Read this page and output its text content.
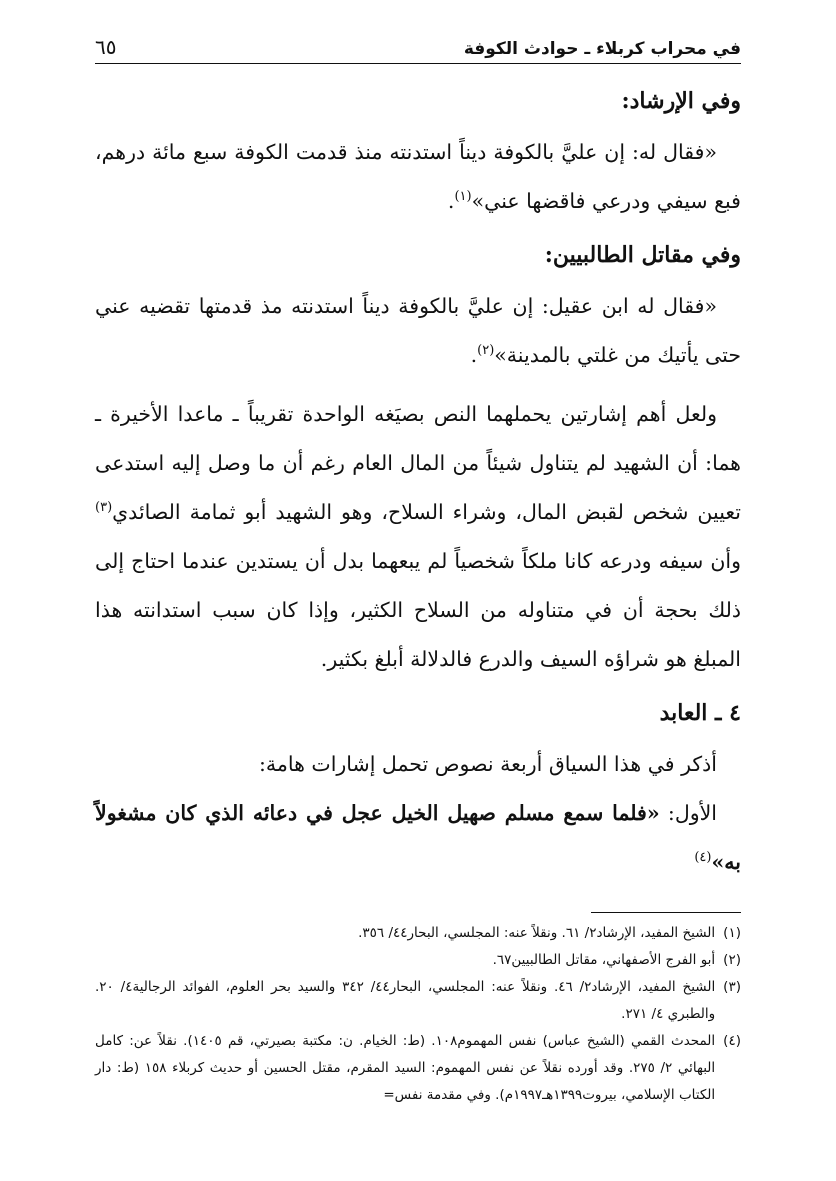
في محراب كربلاء ـ حوادث الكوفة
٦٥

وفي الإرشاد:

«فقال له: إن عليَّ بالكوفة ديناً استدنته منذ قدمت الكوفة سبع مائة درهم، فبع سيفي ودرعي فاقضها عني»$^{(١)}$.

وفي مقاتل الطالبيين:

«فقال له ابن عقيل: إن عليَّ بالكوفة ديناً استدنته مذ قدمتها تقضيه عني حتى يأتيك من غلتي بالمدينة»$^{(٢)}$.

ولعل أهم إشارتين يحملهما النص بصيَغه الواحدة تقريباً ـ ماعدا الأخيرة ـ هما: أن الشهيد لم يتناول شيئاً من المال العام رغم أن ما وصل إليه استدعى تعيين شخص لقبض المال، وشراء السلاح، وهو الشهيد أبو ثمامة الصائدي$^{(٣)}$ وأن سيفه ودرعه كانا ملكاً شخصياً لم يبعهما بدل أن يستدين عندما احتاج إلى ذلك بحجة أن في متناوله من السلاح الكثير، وإذا كان سبب استدانته هذا المبلغ هو شراؤه السيف والدرع فالدلالة أبلغ بكثير.

٤ ـ العابد

أذكر في هذا السياق أربعة نصوص تحمل إشارات هامة:

الأول: «فلما سمع مسلم صهيل الخيل عجل في دعائه الذي كان مشغولاً به»$^{(٤)}$

(١)
الشيخ المفيد، الإرشاد٢/ ٦١. ونقلاً عنه: المجلسي، البحار٤٤/ ٣٥٦.
(٢)
أبو الفرج الأصفهاني، مقاتل الطالبيين٦٧.
(٣)
الشيخ المفيد، الإرشاد٢/ ٤٦. ونقلاً عنه: المجلسي، البحار٤٤/ ٣٤٢ والسيد بحر العلوم، الفوائد الرجالية٤/ ٢٠. والطبري ٤/ ٢٧١.
(٤)
المحدث القمي (الشيخ عباس) نفس المهموم١٠٨. (ط: الخيام. ن: مكتبة بصيرتي، قم ١٤٠٥). نقلاً عن: كامل البهائي ٢/ ٢٧٥. وقد أورده نقلاً عن نفس المهموم: السيد المقرم، مقتل الحسين أو حديث كربلاء ١٥٨ (ط: دار الكتاب الإسلامي، بيروت١٣٩٩هـ١٩٩٧م). وفي مقدمة نفس=
